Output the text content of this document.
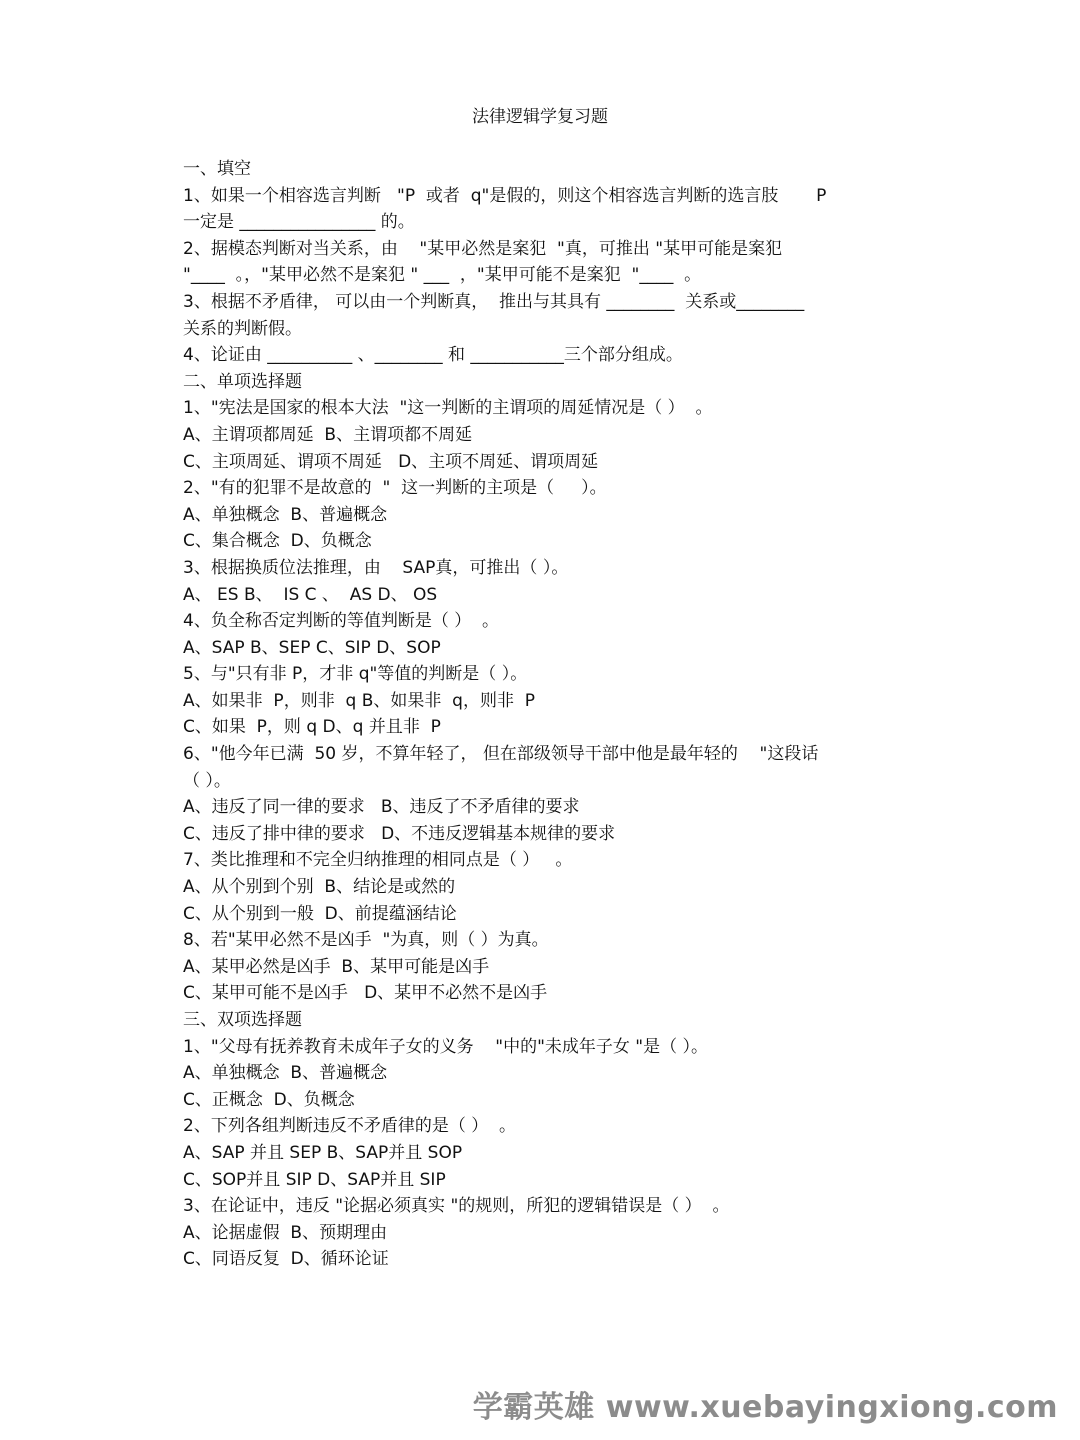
法律逻辑学复习题
一、填空
1、如果一个相容选言判断   "P  或者  q"是假的，则这个相容选言判断的选言肢       P
一定是 ________________ 的。
2、据模态判断对当关系，由    "某甲必然是案犯  "真，可推出 "某甲可能是案犯
"____  。，"某甲必然不是案犯 " ___  ，"某甲可能不是案犯  "____  。
3、根据不矛盾律， 可以由一个判断真，  推出与其具有 ________  关系或________
关系的判断假。
4、论证由 __________ 、________ 和 ___________三个部分组成。
二、单项选择题
1、"宪法是国家的根本大法  "这一判断的主谓项的周延情况是（ ）  。
A、主谓项都周延  B、主谓项都不周延
C、主项周延、谓项不周延   D、主项不周延、谓项周延
2、"有的犯罪不是故意的  "  这一判断的主项是（     ）。
A、单独概念  B、普遍概念
C、集合概念  D、负概念
3、根据换质位法推理，由    SAP真，可推出（ ）。
A、 ES B、  IS C 、  AS D、 OS
4、负全称否定判断的等值判断是（ ）  。
A、SAP B、SEP C、SIP D、SOP
5、与"只有非 P，才非 q"等值的判断是（ ）。
A、如果非  P，则非  q B、如果非  q，则非  P
C、如果  P，则 q D、q 并且非  P
6、"他今年已满  50 岁，不算年轻了， 但在部级领导干部中他是最年轻的    "这段话
（ ）。
A、违反了同一律的要求   B、违反了不矛盾律的要求
C、违反了排中律的要求   D、不违反逻辑基本规律的要求
7、类比推理和不完全归纳推理的相同点是（ ）   。
A、从个别到个别  B、结论是或然的
C、从个别到一般  D、前提蕴涵结论
8、若"某甲必然不是凶手  "为真，则（ ）为真。
A、某甲必然是凶手  B、某甲可能是凶手
C、某甲可能不是凶手   D、某甲不必然不是凶手
三、双项选择题
1、"父母有抚养教育未成年子女的义务    "中的"未成年子女 "是（ ）。
A、单独概念  B、普遍概念
C、正概念  D、负概念
2、下列各组判断违反不矛盾律的是（ ）  。
A、SAP 并且 SEP B、SAP并且 SOP
C、SOP并且 SIP D、SAP并且 SIP
3、在论证中，违反 "论据必须真实 "的规则，所犯的逻辑错误是（ ）  。
A、论据虚假  B、预期理由
C、同语反复  D、循环论证
学霸英雄 www.xuebayingxiong.com
